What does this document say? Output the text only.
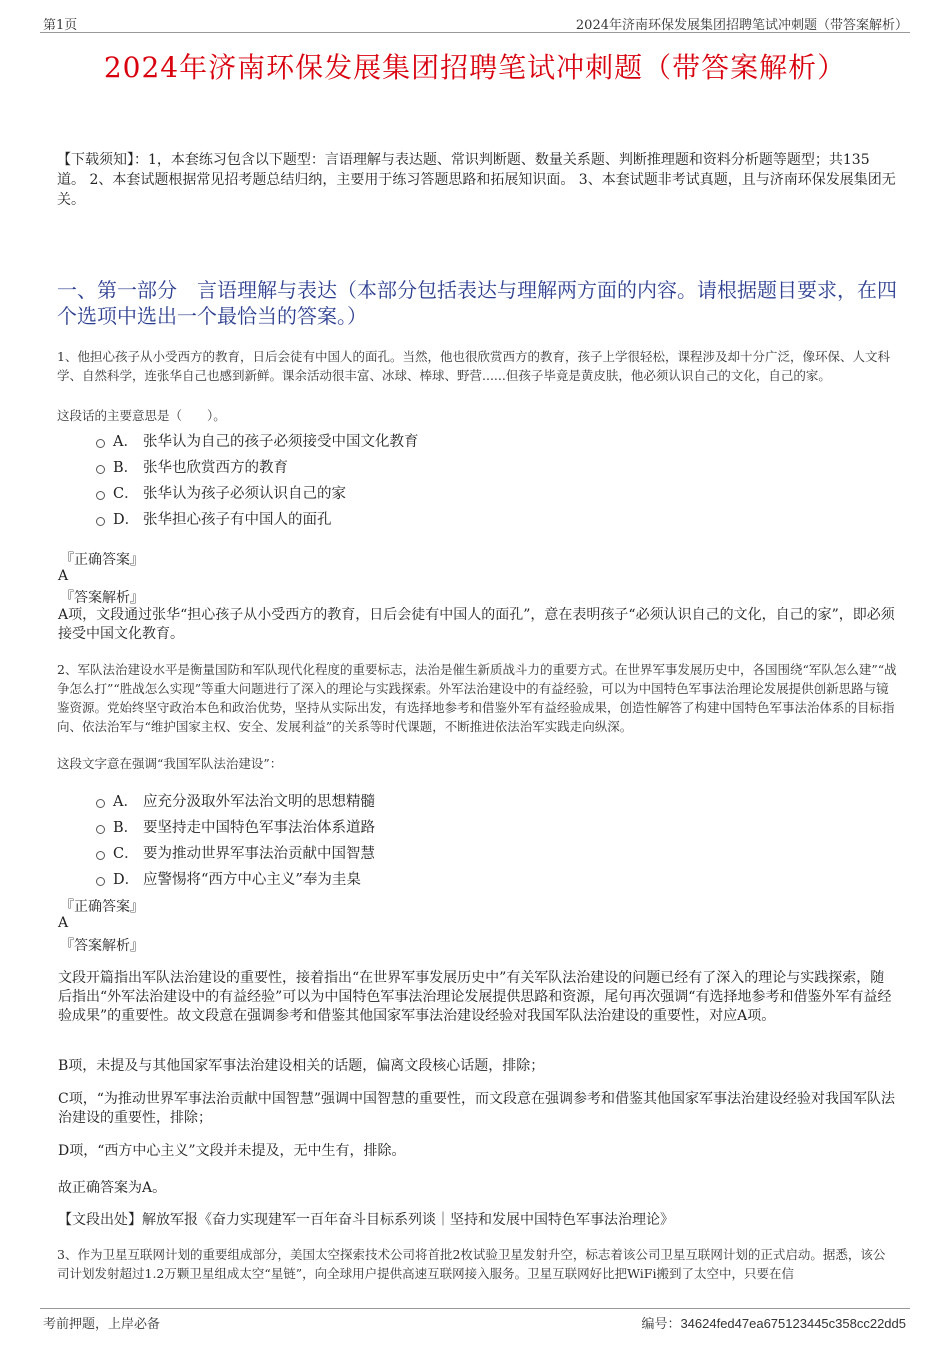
第1页	2024年济南环保发展集团招聘笔试冲刺题（带答案解析）
2024年济南环保发展集团招聘笔试冲刺题（带答案解析）
【下载须知】：1，本套练习包含以下题型：言语理解与表达题、常识判断题、数量关系题、判断推理题和资料分析题等题型；共135道。 2、本套试题根据常见招考题总结归纳，主要用于练习答题思路和拓展知识面。 3、本套试题非考试真题，且与济南环保发展集团无关。
一、第一部分　言语理解与表达（本部分包括表达与理解两方面的内容。请根据题目要求，在四个选项中选出一个最恰当的答案。）
1、他担心孩子从小受西方的教育，日后会徒有中国人的面孔。当然，他也很欣赏西方的教育，孩子上学很轻松，课程涉及却十分广泛，像环保、人文科学、自然科学，连张华自己也感到新鲜。课余活动很丰富、冰球、棒球、野营......但孩子毕竟是黄皮肤，他必须认识自己的文化，自己的家。
这段话的主要意思是（　　）。
A． 张华认为自己的孩子必须接受中国文化教育
B． 张华也欣赏西方的教育
C． 张华认为孩子必须认识自己的家
D． 张华担心孩子有中国人的面孔
『正确答案』
A
『答案解析』
A项，文段通过张华“担心孩子从小受西方的教育，日后会徒有中国人的面孔”，意在表明孩子“必须认识自己的文化，自己的家”，即必须接受中国文化教育。
2、军队法治建设水平是衡量国防和军队现代化程度的重要标志，法治是催生新质战斗力的重要方式。在世界军事发展历史中，各国围绕“军队怎么建”“战争怎么打”“胜战怎么实现”等重大问题进行了深入的理论与实践探索。外军法治建设中的有益经验，可以为中国特色军事法治理论发展提供创新思路与镜鉴资源。党始终坚守政治本色和政治优势，坚持从实际出发，有选择地参考和借鉴外军有益经验成果，创造性解答了构建中国特色军事法治体系的目标指向、依法治军与“维护国家主权、安全、发展利益”的关系等时代课题，不断推进依法治军实践走向纵深。
这段文字意在强调“我国军队法治建设”：
A． 应充分汲取外军法治文明的思想精髓
B． 要坚持走中国特色军事法治体系道路
C． 要为推动世界军事法治贡献中国智慧
D． 应警惕将“西方中心主义”奉为圭臬
『正确答案』
A
『答案解析』
文段开篇指出军队法治建设的重要性，接着指出“在世界军事发展历史中”有关军队法治建设的问题已经有了深入的理论与实践探索，随后指出“外军法治建设中的有益经验”可以为中国特色军事法治理论发展提供思路和资源，尾句再次强调“有选择地参考和借鉴外军有益经验成果”的重要性。故文段意在强调参考和借鉴其他国家军事法治建设经验对我国军队法治建设的重要性，对应A项。
B项，未提及与其他国家军事法治建设相关的话题，偏离文段核心话题，排除；
C项，“为推动世界军事法治贡献中国智慧”强调中国智慧的重要性，而文段意在强调参考和借鉴其他国家军事法治建设经验对我国军队法治建设的重要性，排除；
D项，“西方中心主义”文段并未提及，无中生有，排除。
故正确答案为A。
【文段出处】解放军报《奋力实现建军一百年奋斗目标系列谈｜坚持和发展中国特色军事法治理论》
3、作为卫星互联网计划的重要组成部分，美国太空探索技术公司将首批2枚试验卫星发射升空，标志着该公司卫星互联网计划的正式启动。据悉，该公司计划发射超过1.2万颗卫星组成太空“星链”，向全球用户提供高速互联网接入服务。卫星互联网好比把WiFi搬到了太空中，只要在信
考前押题，上岸必备	编号：34624fed47ea675123445c358cc22dd5
